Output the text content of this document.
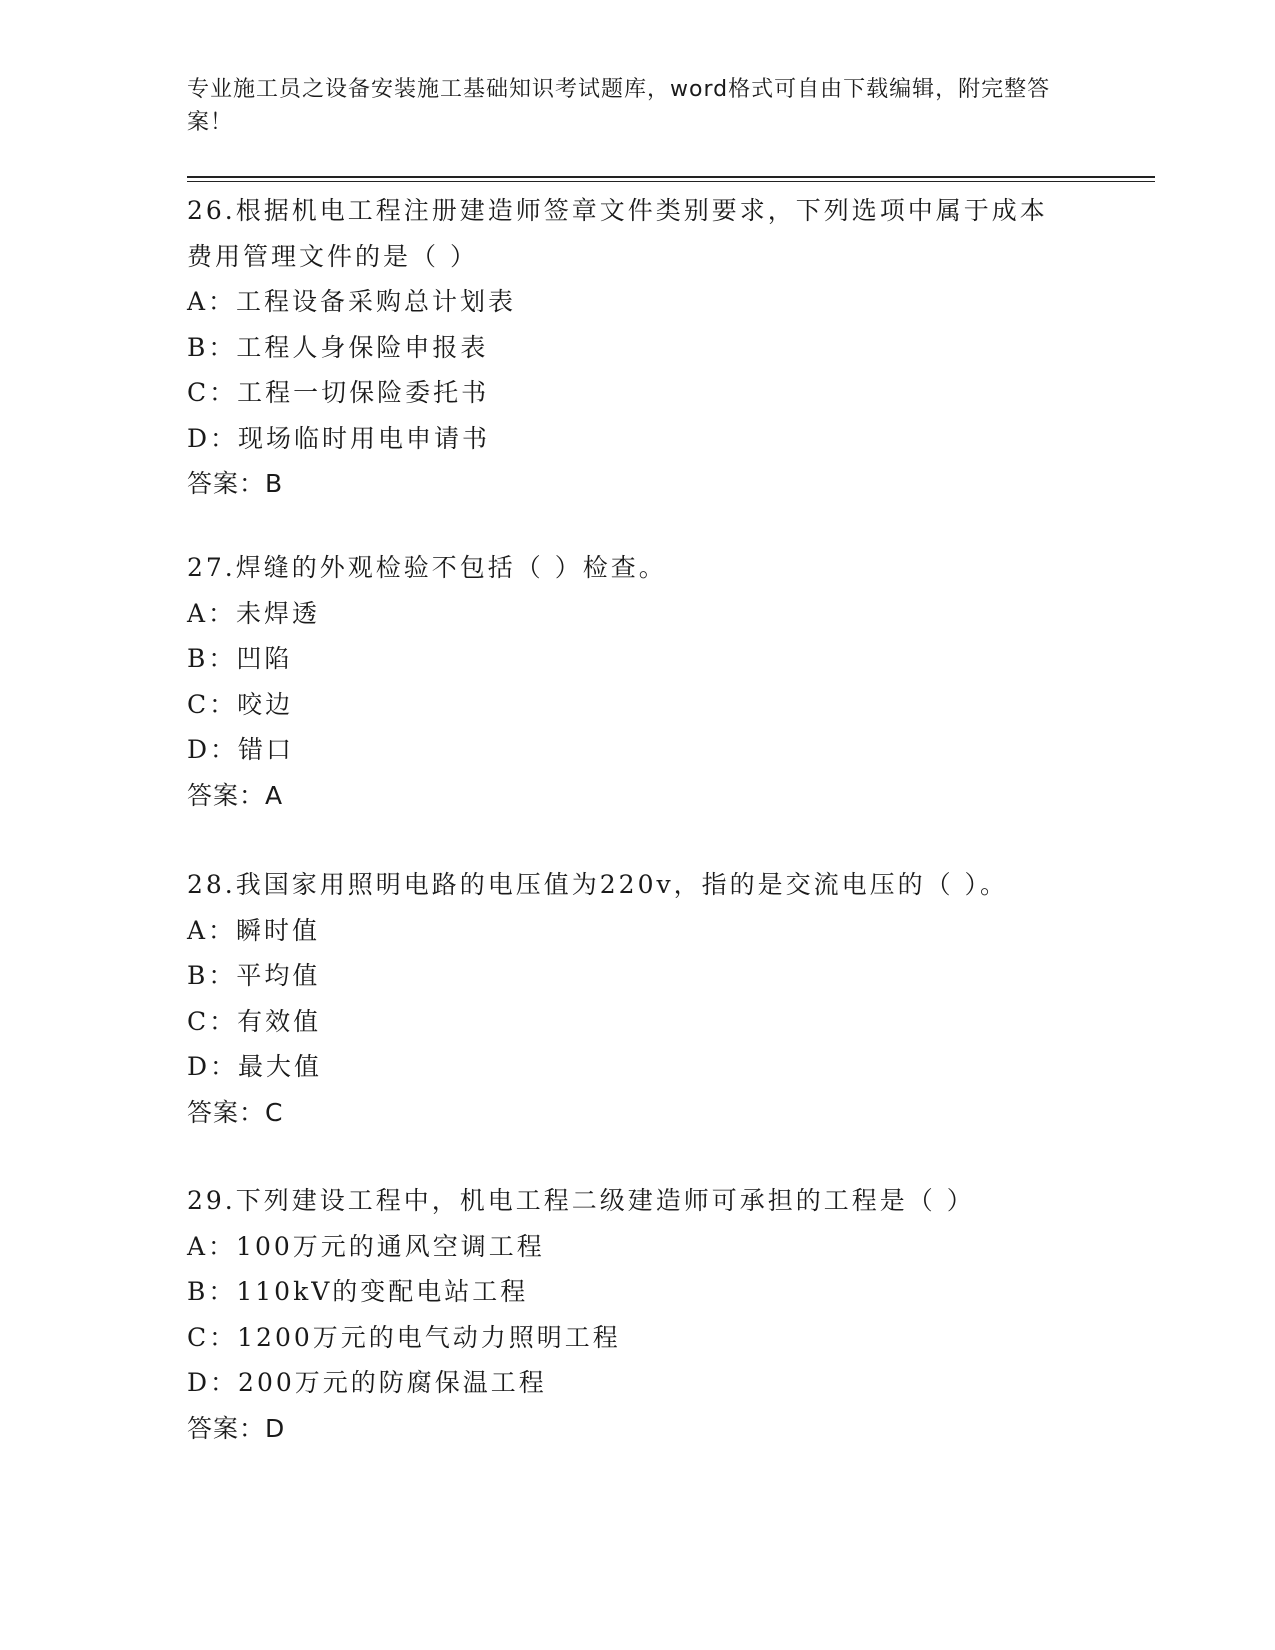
专业施工员之设备安装施工基础知识考试题库，word格式可自由下载编辑，附完整答案！

26.根据机电工程注册建造师签章文件类别要求，下列选项中属于成本费用管理文件的是（ ）

A：工程设备采购总计划表

B：工程人身保险申报表

C：工程一切保险委托书

D：现场临时用电申请书

答案：B

27.焊缝的外观检验不包括（ ）检查。

A：未焊透

B：凹陷

C：咬边

D：错口

答案：A

28.我国家用照明电路的电压值为220v，指的是交流电压的（ ）。

A：瞬时值

B：平均值

C：有效值

D：最大值

答案：C

29.下列建设工程中，机电工程二级建造师可承担的工程是（ ）

A：100万元的通风空调工程

B：110kV的变配电站工程

C：1200万元的电气动力照明工程

D：200万元的防腐保温工程

答案：D
